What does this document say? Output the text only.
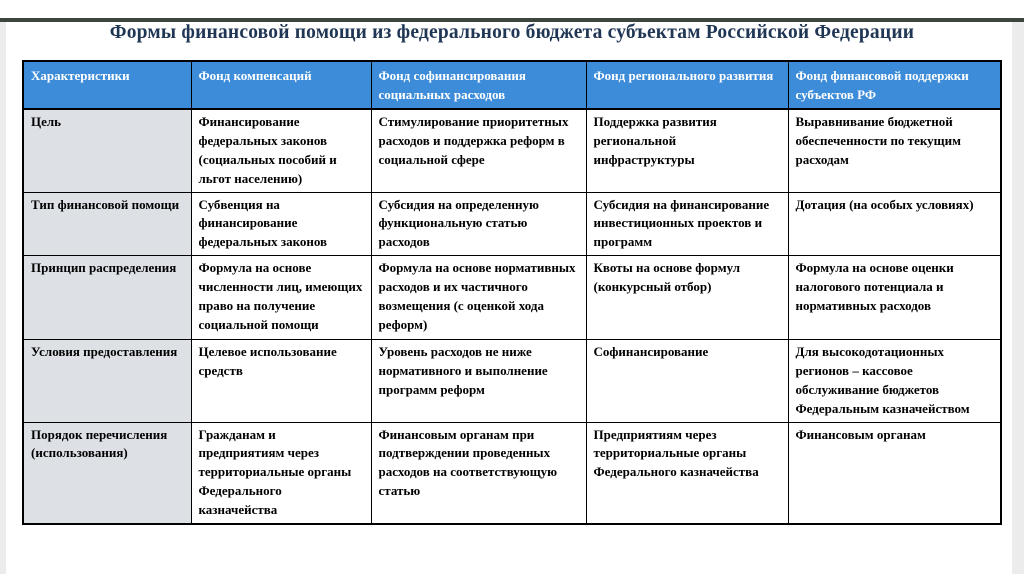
Формы финансовой помощи из федерального бюджета субъектам Российской Федерации
Характеристики	Фонд компенсаций	Фонд софинансирования социальных расходов	Фонд регионального развития	Фонд финансовой поддержки субъектов РФ
Цель	Финансирование федеральных законов (социальных пособий и льгот населению)	Стимулирование приоритетных расходов и поддержка реформ в социальной сфере	Поддержка развития региональной инфраструктуры	Выравнивание бюджетной обеспеченности по текущим расходам
Тип финансовой помощи	Субвенция на финансирование федеральных законов	Субсидия на определенную функциональную статью расходов	Субсидия на финансирование инвестиционных проектов и программ	Дотация (на особых условиях)
Принцип распределения	Формула на основе численности лиц, имеющих право на получение социальной помощи	Формула на основе нормативных расходов и их частичного возмещения (с оценкой хода реформ)	Квоты на основе формул (конкурсный отбор)	Формула на основе оценки налогового потенциала и нормативных расходов
Условия предоставления	Целевое использование средств	Уровень расходов не ниже нормативного и выполнение программ реформ	Софинансирование	Для высокодотационных регионов – кассовое обслуживание бюджетов Федеральным казначейством
Порядок перечисления (использования)	Гражданам и предприятиям через территориальные органы Федерального казначейства	Финансовым органам при подтверждении проведенных расходов на соответствующую статью	Предприятиям через территориальные органы Федерального казначейства	Финансовым органам
